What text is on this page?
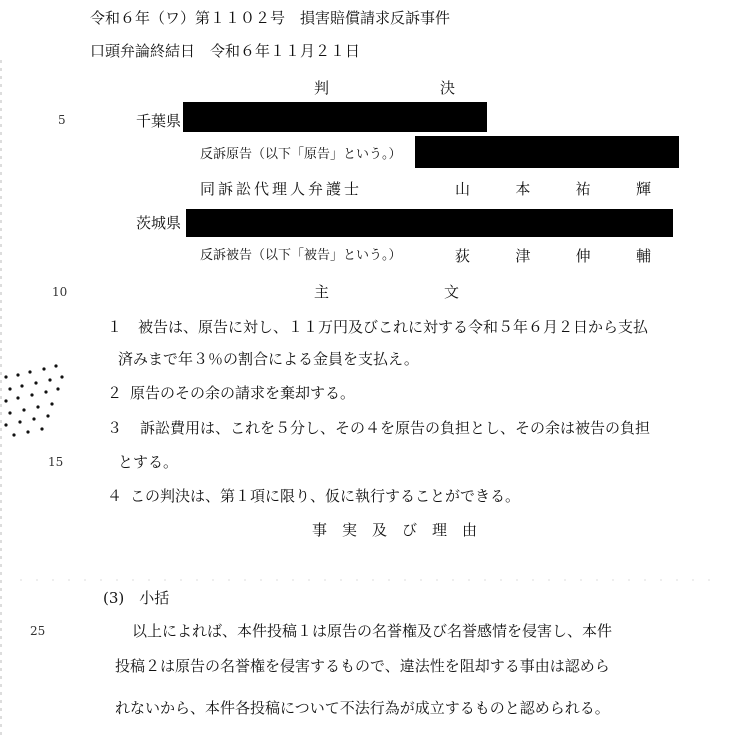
令和６年（ワ）第１１０２号　損害賠償請求反訴事件
口頭弁論終結日　令和６年１１月２１日
判	決
5	千葉県
反訴原告（以下「原告」という。）
同訴訟代理人弁護士	山	本	祐	輝
茨城県
反訴被告（以下「被告」という。）	荻	津	伸	輔
10	主	文
１ 被告は、原告に対し、１１万円及びこれに対する令和５年６月２日から支払
済みまで年３％の割合による金員を支払え。
２ 原告のその余の請求を棄却する。
３ 訴訟費用は、これを５分し、その４を原告の負担とし、その余は被告の負担
15	とする。
４ この判決は、第１項に限り、仮に執行することができる。
事　実　及　び　理　由
(3)　小括
25	以上によれば、本件投稿１は原告の名誉権及び名誉感情を侵害し、本件
投稿２は原告の名誉権を侵害するもので、違法性を阻却する事由は認めら
れないから、本件各投稿について不法行為が成立するものと認められる。
